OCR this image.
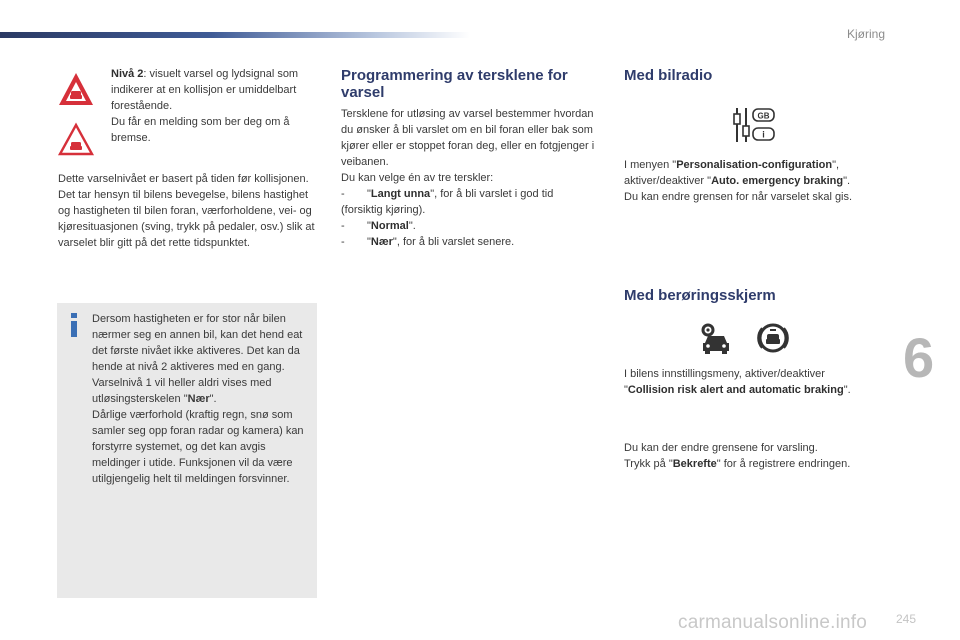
Kjøring
6
Nivå 2: visuelt varsel og lydsignal som indikerer at en kollisjon er umiddelbart forestående.
Du får en melding som ber deg om å bremse.
Dette varselnivået er basert på tiden før kollisjonen. Det tar hensyn til bilens bevegelse, bilens hastighet og hastigheten til bilen foran, værforholdene, vei- og kjøresituasjonen (sving, trykk på pedaler, osv.) slik at varselet blir gitt på det rette tidspunktet.
Dersom hastigheten er for stor når bilen nærmer seg en annen bil, kan det hend eat det første nivået ikke aktiveres. Det kan da hende at nivå 2 aktiveres med en gang.
Varselnivå 1 vil heller aldri vises med utløsingsterskelen "Nær".
Dårlige værforhold (kraftig regn, snø som samler seg opp foran radar og kamera) kan forstyrre systemet, og det kan avgis meldinger i utide. Funksjonen vil da være utilgjengelig helt til meldingen forsvinner.
Programmering av tersklene for varsel
Tersklene for utløsing av varsel bestemmer hvordan du ønsker å bli varslet om en bil foran eller bak som kjører eller er stoppet foran deg, eller en fotgjenger i veibanen.
Du kan velge én av tre terskler:
- "Langt unna", for å bli varslet i god tid (forsiktig kjøring).
- "Normal".
- "Nær", for å bli varslet senere.
Med bilradio
GB
i
I menyen "Personalisation-configuration",
aktiver/deaktiver "Auto. emergency braking".
Du kan endre grensen for når varselet skal gis.
Med berøringsskjerm
I bilens innstillingsmeny, aktiver/deaktiver
"Collision risk alert and automatic braking".
Du kan der endre grensene for varsling.
Trykk på "Bekrefte" for å registrere endringen.
carmanualsonline.info 245
